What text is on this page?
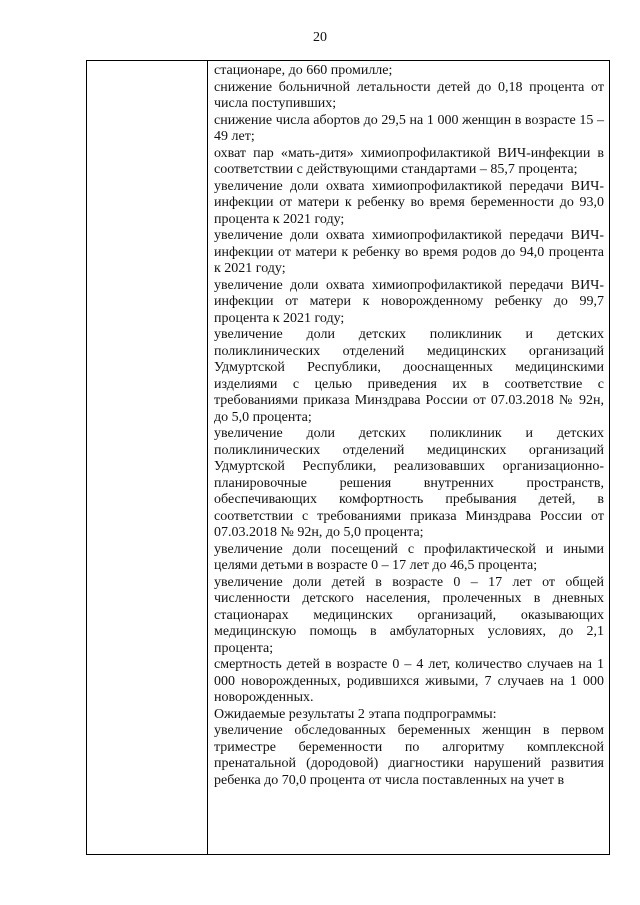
20

стационаре, до 660 промилле;

снижение больничной летальности детей до 0,18 процента от числа поступивших;

снижение числа абортов до 29,5 на 1 000 женщин в возрасте 15 – 49 лет;

охват пар «мать-дитя» химиопрофилактикой ВИЧ-инфекции в соответствии с действующими стандартами – 85,7 процента;

увеличение доли охвата химиопрофилактикой передачи ВИЧ-инфекции от матери к ребенку во время беременности до 93,0 процента к 2021 году;

увеличение доли охвата химиопрофилактикой передачи ВИЧ-инфекции от матери к ребенку во время родов до 94,0 процента к 2021 году;

увеличение доли охвата химиопрофилактикой передачи ВИЧ-инфекции от матери к новорожденному ребенку до 99,7 процента к 2021 году;

увеличение доли детских поликлиник и детских поликлинических отделений медицинских организаций Удмуртской Республики, дооснащенных медицинскими изделиями с целью приведения их в соответствие с требованиями приказа Минздрава России от 07.03.2018 № 92н, до 5,0 процента;

увеличение доли детских поликлиник и детских поликлинических отделений медицинских организаций Удмуртской Республики, реализовавших организационно-планировочные решения внутренних пространств, обеспечивающих комфортность пребывания детей, в соответствии с требованиями приказа Минздрава России от 07.03.2018 № 92н, до 5,0 процента;

увеличение доли посещений с профилактической и иными целями детьми в возрасте 0 – 17 лет до 46,5 процента;

увеличение доли детей в возрасте 0 – 17 лет от общей численности детского населения, пролеченных в дневных стационарах медицинских организаций, оказывающих медицинскую помощь в амбулаторных условиях, до 2,1 процента;

смертность детей в возрасте 0 – 4 лет, количество случаев на 1 000 новорожденных, родившихся живыми, 7 случаев на 1 000 новорожденных.

Ожидаемые результаты 2 этапа подпрограммы:

увеличение обследованных беременных женщин в первом триместре беременности по алгоритму комплексной пренатальной (дородовой) диагностики нарушений развития ребенка до 70,0 процента от числа поставленных на учет в
